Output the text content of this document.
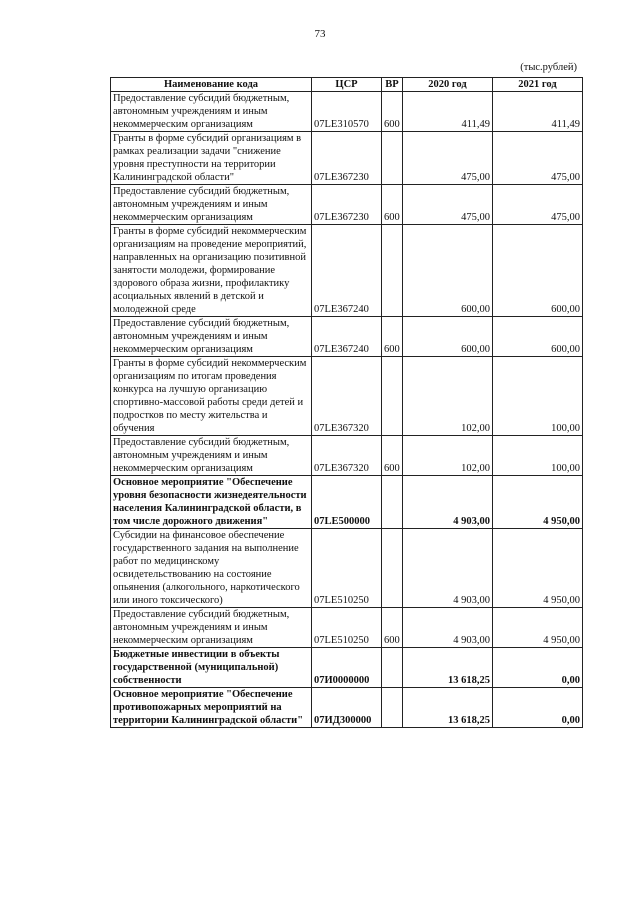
73
(тыс.рублей)
Наименование кода	ЦСР	ВР	2020 год	2021 год
Предоставление субсидий бюджетным, автономным учреждениям и иным некоммерческим организациям	07LE310570	600	411,49	411,49
Гранты в форме субсидий организациям в рамках реализации задачи "снижение уровня преступности на территории Калининградской области"	07LE367230		475,00	475,00
Предоставление субсидий бюджетным, автономным учреждениям и иным некоммерческим организациям	07LE367230	600	475,00	475,00
Гранты в форме субсидий некоммерческим организациям на проведение мероприятий, направленных на организацию позитивной занятости молодежи, формирование здорового образа жизни, профилактику асоциальных явлений в детской и молодежной среде	07LE367240		600,00	600,00
Предоставление субсидий бюджетным, автономным учреждениям и иным некоммерческим организациям	07LE367240	600	600,00	600,00
Гранты в форме субсидий некоммерческим организациям по итогам проведения конкурса на лучшую организацию спортивно-массовой работы среди детей и подростков по месту жительства и обучения	07LE367320		102,00	100,00
Предоставление субсидий бюджетным, автономным учреждениям и иным некоммерческим организациям	07LE367320	600	102,00	100,00
Основное мероприятие "Обеспечение уровня безопасности жизнедеятельности населения Калининградской области, в том числе дорожного движения"	07LE500000		4 903,00	4 950,00
Субсидии на финансовое обеспечение государственного задания на выполнение работ по медицинскому освидетельствованию на состояние опьянения (алкогольного, наркотического или иного токсического)	07LE510250		4 903,00	4 950,00
Предоставление субсидий бюджетным, автономным учреждениям и иным некоммерческим организациям	07LE510250	600	4 903,00	4 950,00
Бюджетные инвестиции в объекты государственной (муниципальной) собственности	07И0000000		13 618,25	0,00
Основное мероприятие "Обеспечение противопожарных мероприятий на территории Калининградской области"	07ИД300000		13 618,25	0,00
